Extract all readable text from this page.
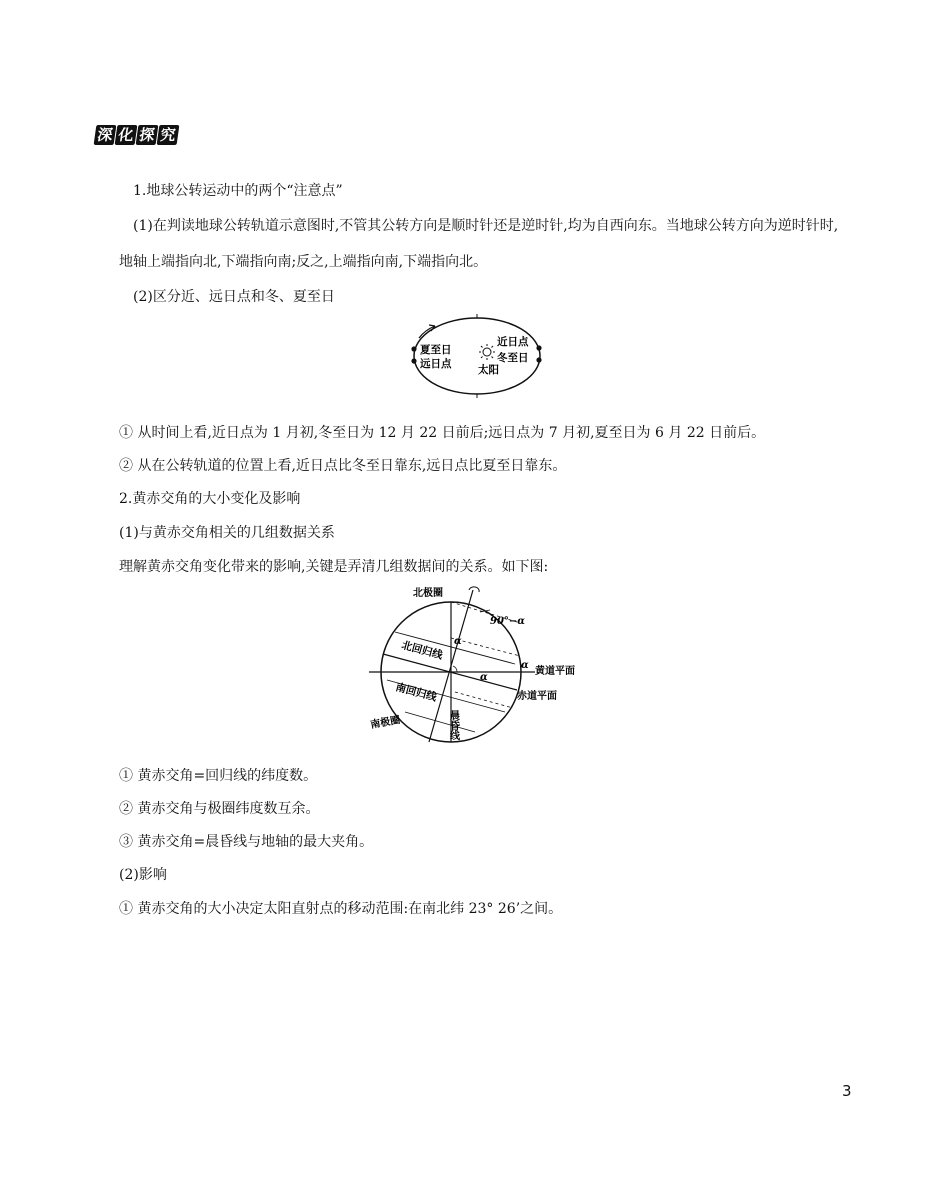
深 化 探 究

1.地球公转运动中的两个“注意点”

(1)在判读地球公转轨道示意图时,不管其公转方向是顺时针还是逆时针,均为自西向东。当地球公转方向为逆时针时,地轴上端指向北,下端指向南;反之,上端指向南,下端指向北。

(2)区分近、远日点和冬、夏至日

夏至日
远日点
近日点
冬至日
太阳

① 从时间上看,近日点为 1 月初,冬至日为 12 月 22 日前后;远日点为 7 月初,夏至日为 6 月 22 日前后。

② 从在公转轨道的位置上看,近日点比冬至日靠东,远日点比夏至日靠东。

2.黄赤交角的大小变化及影响

(1)与黄赤交角相关的几组数据关系

理解黄赤交角变化带来的影响,关键是弄清几组数据间的关系。如下图:

90°−α
α
α
α
北极圈
北回归线
黄道平面
赤道平面
南回归线
晨昏线
南极圈

① 黄赤交角=回归线的纬度数。

② 黄赤交角与极圈纬度数互余。

③ 黄赤交角=晨昏线与地轴的最大夹角。

(2)影响

① 黄赤交角的大小决定太阳直射点的移动范围:在南北纬 23° 26’之间。

3
